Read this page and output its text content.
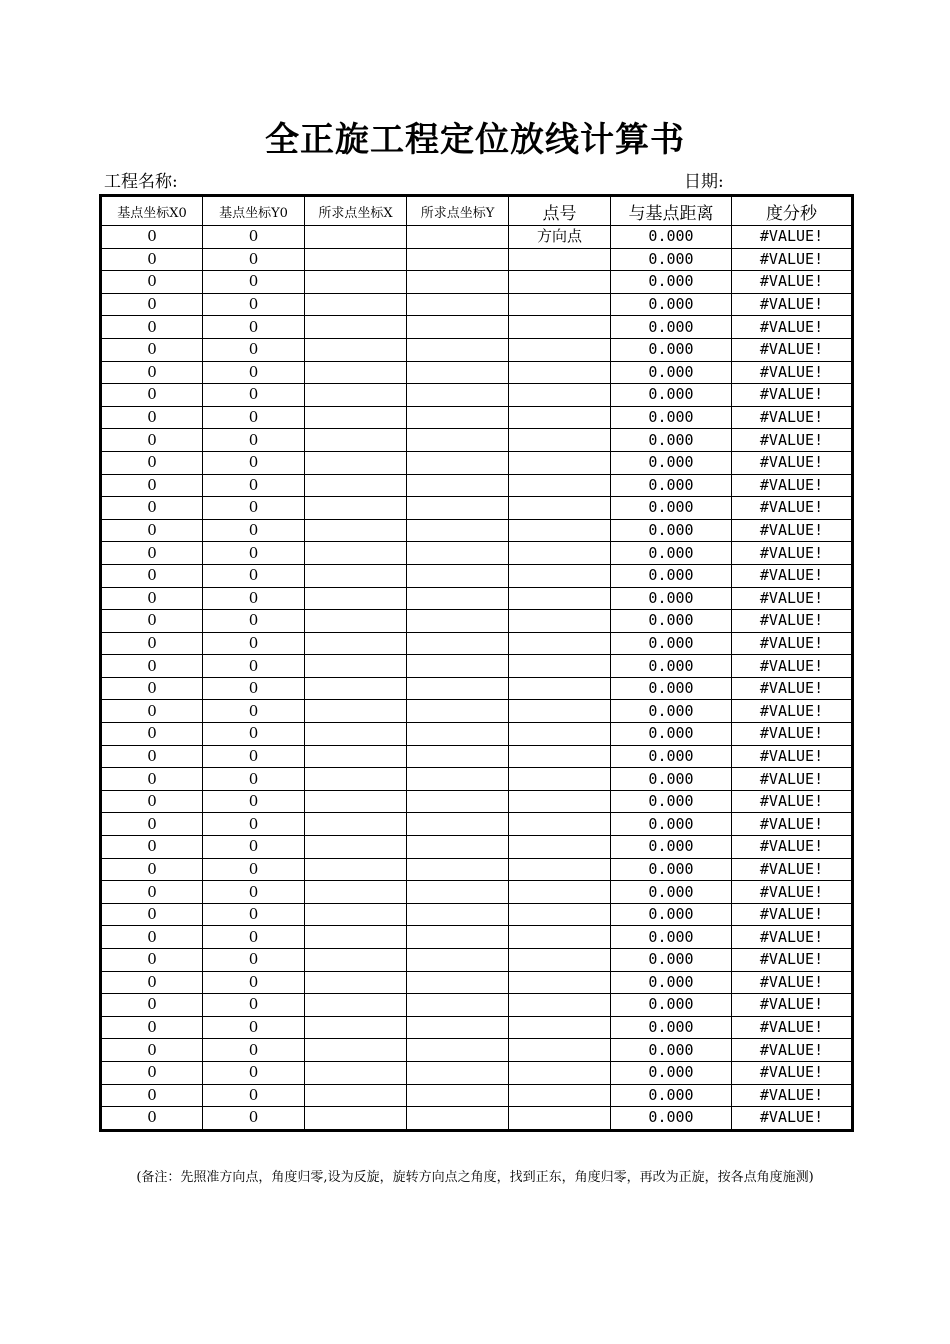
全正旋工程定位放线计算书
工程名称:	日期:
基点坐标X0	基点坐标Y0	所求点坐标X	所求点坐标Y	点号	与基点距离	度分秒
0	0			方向点	0.000	#VALUE!
0	0				0.000	#VALUE!
0	0				0.000	#VALUE!
0	0				0.000	#VALUE!
0	0				0.000	#VALUE!
0	0				0.000	#VALUE!
0	0				0.000	#VALUE!
0	0				0.000	#VALUE!
0	0				0.000	#VALUE!
0	0				0.000	#VALUE!
0	0				0.000	#VALUE!
0	0				0.000	#VALUE!
0	0				0.000	#VALUE!
0	0				0.000	#VALUE!
0	0				0.000	#VALUE!
0	0				0.000	#VALUE!
0	0				0.000	#VALUE!
0	0				0.000	#VALUE!
0	0				0.000	#VALUE!
0	0				0.000	#VALUE!
0	0				0.000	#VALUE!
0	0				0.000	#VALUE!
0	0				0.000	#VALUE!
0	0				0.000	#VALUE!
0	0				0.000	#VALUE!
0	0				0.000	#VALUE!
0	0				0.000	#VALUE!
0	0				0.000	#VALUE!
0	0				0.000	#VALUE!
0	0				0.000	#VALUE!
0	0				0.000	#VALUE!
0	0				0.000	#VALUE!
0	0				0.000	#VALUE!
0	0				0.000	#VALUE!
0	0				0.000	#VALUE!
0	0				0.000	#VALUE!
0	0				0.000	#VALUE!
0	0				0.000	#VALUE!
0	0				0.000	#VALUE!
0	0				0.000	#VALUE!
(备注：先照准方向点，角度归零,设为反旋，旋转方向点之角度，找到正东，角度归零，再改为正旋，按各点角度施测)
